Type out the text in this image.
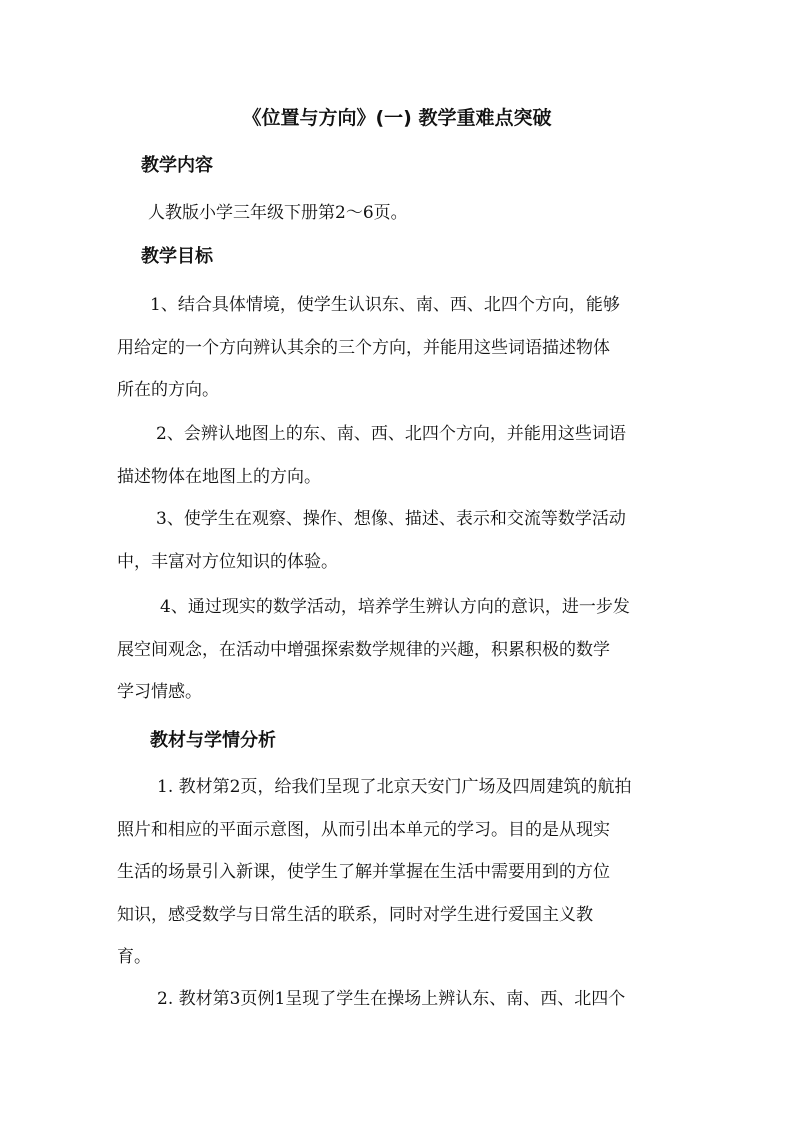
《位置与方向》(一) 教学重难点突破
教学内容
人教版小学三年级下册第2～6页。
教学目标
1、结合具体情境，使学生认识东、南、西、北四个方向，能够
用给定的一个方向辨认其余的三个方向，并能用这些词语描述物体
所在的方向。
2、会辨认地图上的东、南、西、北四个方向，并能用这些词语
描述物体在地图上的方向。
3、使学生在观察、操作、想像、描述、表示和交流等数学活动
中，丰富对方位知识的体验。
4、通过现实的数学活动，培养学生辨认方向的意识，进一步发
展空间观念，在活动中增强探索数学规律的兴趣，积累积极的数学
学习情感。
教材与学情分析
1. 教材第2页，给我们呈现了北京天安门广场及四周建筑的航拍
照片和相应的平面示意图，从而引出本单元的学习。目的是从现实
生活的场景引入新课，使学生了解并掌握在生活中需要用到的方位
知识，感受数学与日常生活的联系，同时对学生进行爱国主义教
育。
2. 教材第3页例1呈现了学生在操场上辨认东、南、西、北四个
